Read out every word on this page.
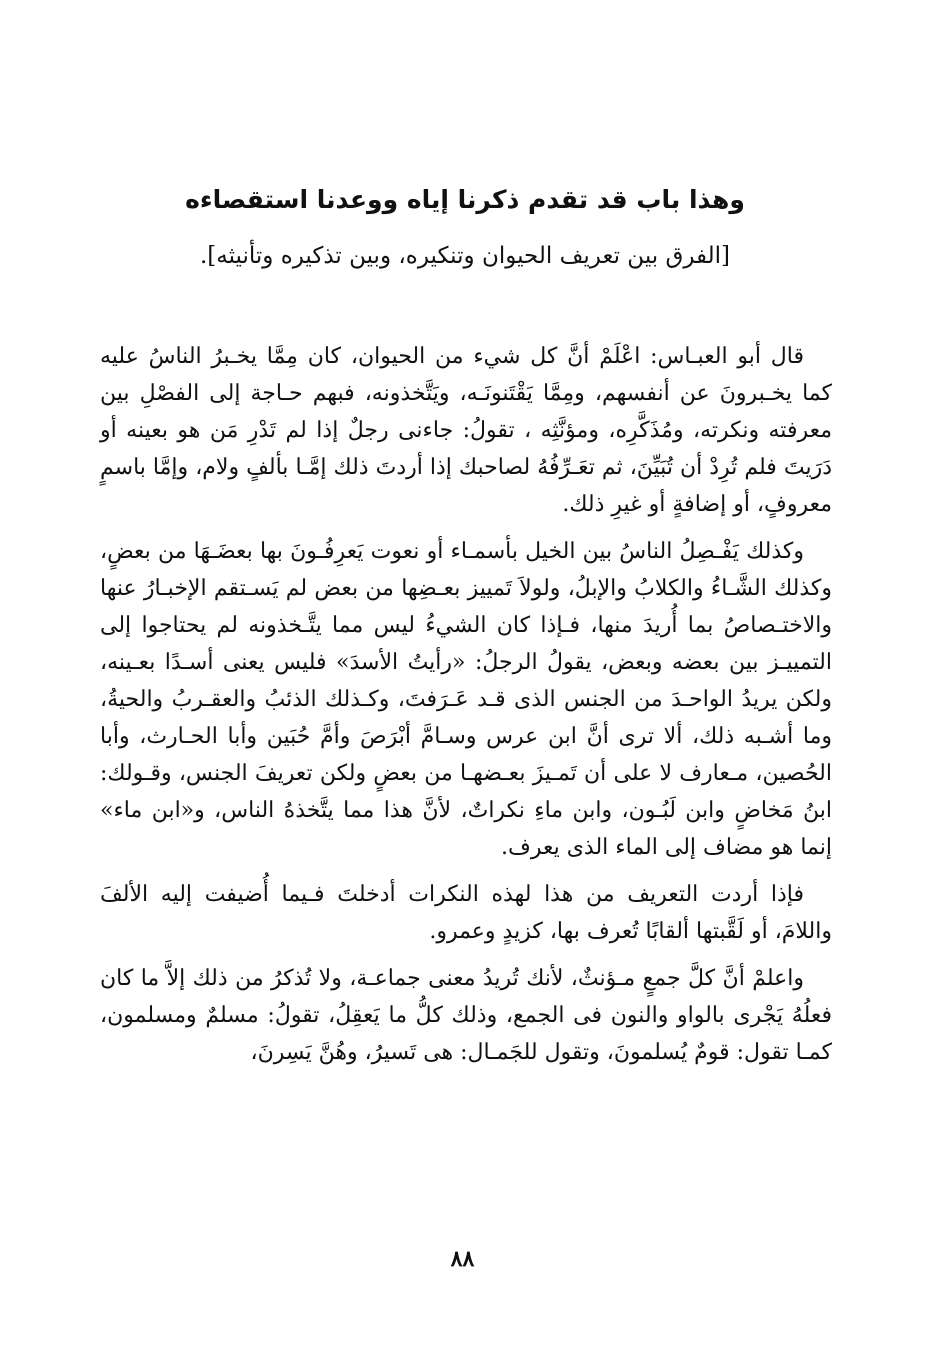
وهذا باب قد تقدم ذكرنا إياه ووعدنا استقصاءه
[الفرق بين تعريف الحيوان وتنكيره، وبين تذكيره وتأنيثه].

قال أبو العبـاس: اعْلَمْ أنَّ كل شيء من الحيوان، كان مِمَّا يخـبرُ الناسُ عليه كما يخـبرونَ عن أنفسهم، ومِمَّا يَقْتَنونَـه، ويَتَّخذونه، فبهم حـاجة إلى الفصْلِ بين معرفته ونكرته، ومُذَكَّرِه، ومؤنَّثِه ، تقولُ: جاءنى رجلٌ إذا لم تَدْرِ مَن هو بعينه أو دَرَيتَ فلم تُرِدْ أن تُبَيِّنَ، ثم تعَـرِّفُهُ لصاحبك إذا أردتَ ذلك إمَّـا بألفٍ ولام، وإمَّا باسمٍ معروفٍ، أو إضافةٍ أو غيرِ ذلك.

وكذلك يَفْـصِلُ الناسُ بين الخيل بأسمـاء أو نعوت يَعرِفُـونَ بها بعضَـهَا من بعضٍ، وكذلك الشَّـاءُ والكلابُ والإبلُ، ولولاَ تَمييز بعـضِها من بعض لم يَسـتقم الإخبـارُ عنها والاختـصاصُ بما أُريدَ منها، فـإذا كان الشيءُ ليس مما يتَّـخذونه لم يحتاجوا إلى التمييـز بين بعضه وبعض، يقولُ الرجلُ: «رأيتُ الأسدَ» فليس يعنى أسـدًا بعـينه، ولكن يريدُ الواحـدَ من الجنس الذى قـد عَـرَفتَ، وكـذلك الذئبُ والعقـربُ والحيةُ، وما أشـبه ذلك، ألا ترى أنَّ ابن عرس وسـامَّ أبْرَصَ وأمَّ حُبَين وأبا الحـارث، وأبا الحُصين، مـعارف لا على أن تَمـيزَ بعـضهـا من بعضٍ ولكن تعريفَ الجنس، وقـولك: ابنُ مَخاضٍ وابن لَبُـون، وابن ماءِ نكراتٌ، لأنَّ هذا مما يتَّخذهُ الناس، و«ابن ماء» إنما هو مضاف إلى الماء الذى يعرف.

فإذا أردت التعريف من هذا لهذه النكرات أدخلتَ فـيما أُضيفت إليه الألفَ واللامَ، أو لَقَّبتها ألقابًا تُعرف بها، كزيدٍ وعمرو.

واعلمْ أنَّ كلَّ جمعٍ مـؤنثٌ، لأنك تُريدُ معنى جماعـة، ولا تُذكرُ من ذلك إلاَّ ما كان فعلُهُ يَجْرى بالواو والنون فى الجمع، وذلك كلُّ ما يَعقِلُ، تقولُ: مسلمٌ ومسلمون، كمـا تقول: قومٌ يُسلمونَ، وتقول للجَمـال: هى تَسيرُ، وهُنَّ يَسِرنَ،

٨٨
